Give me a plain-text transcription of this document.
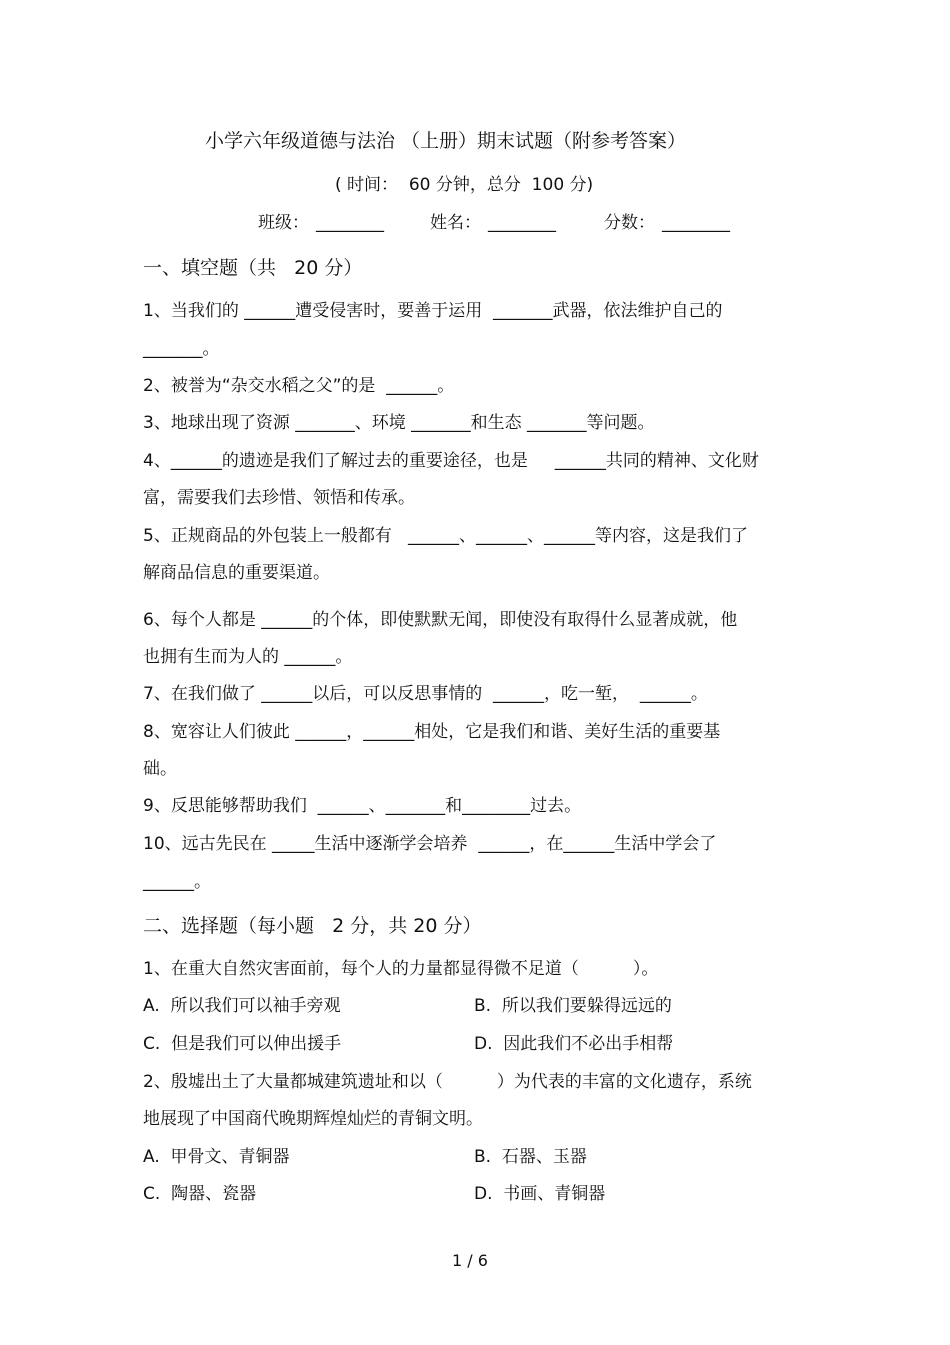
小学六年级道德与法治 （上册）期末试题（附参考答案）
( 时间：  60 分钟，总分  100 分)
班级： ________	姓名： ________	分数： ________
一、填空题（共   20 分）
1、当我们的 ______遭受侵害时，要善于运用  _______武器，依法维护自己的
_______。
2、被誉为“杂交水稻之父”的是  ______。
3、地球出现了资源 _______、环境 _______和生态 _______等问题。
4、______的遗迹是我们了解过去的重要途径，也是     ______共同的精神、文化财
富，需要我们去珍惜、领悟和传承。
5、正规商品的外包装上一般都有   ______、______、______等内容，这是我们了
解商品信息的重要渠道。
6、每个人都是 ______的个体，即使默默无闻，即使没有取得什么显著成就，他
也拥有生而为人的 ______。
7、在我们做了 ______以后，可以反思事情的  ______，吃一堑，  ______。
8、宽容让人们彼此 ______，______相处，它是我们和谐、美好生活的重要基
础。
9、反思能够帮助我们  ______、_______和________过去。
10、远古先民在 _____生活中逐渐学会培养  ______，在______生活中学会了
______。
二、选择题（每小题   2 分，共 20 分）
1、在重大自然灾害面前，每个人的力量都显得微不足道（          ）。
A.  所以我们可以袖手旁观	B.  所以我们要躲得远远的
C.  但是我们可以伸出援手	D.  因此我们不必出手相帮
2、殷墟出土了大量都城建筑遗址和以（          ）为代表的丰富的文化遗存，系统
地展现了中国商代晚期辉煌灿烂的青铜文明。
A.  甲骨文、青铜器	B.  石器、玉器
C.  陶器、瓷器	D.  书画、青铜器
1 / 6
